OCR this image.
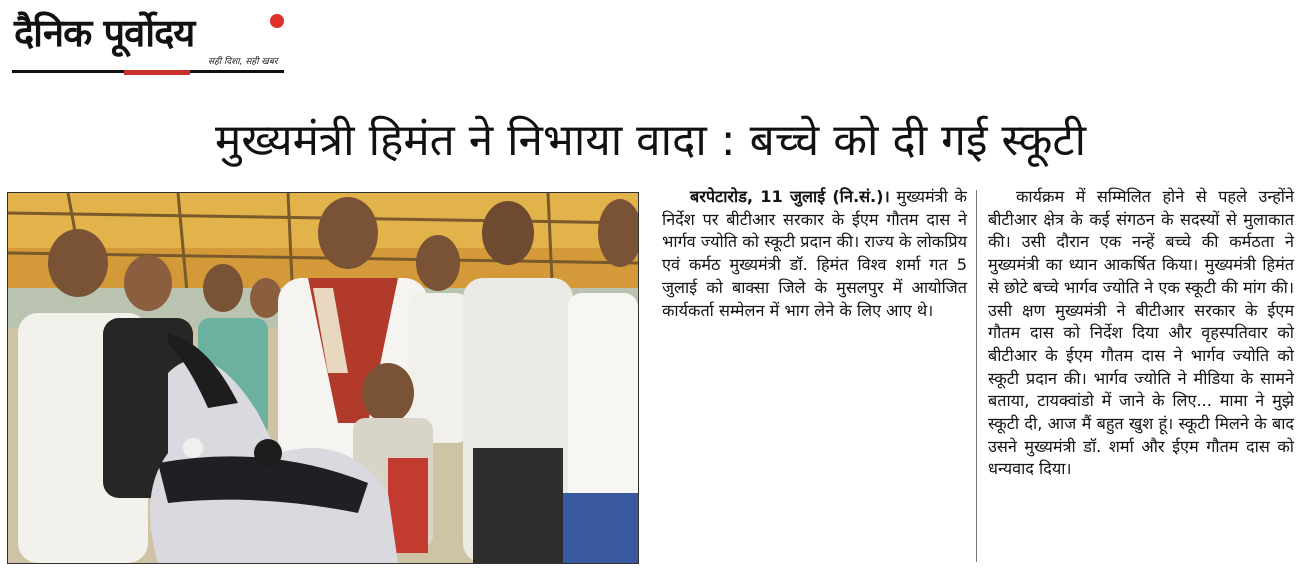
दैनिक पूर्वोदय
सही दिशा, सही खबर
मुख्यमंत्री हिमंत ने निभाया वादा : बच्चे को दी गई स्कूटी

बरपेटारोड, 11 जुलाई (नि.सं.)। मुख्यमंत्री के निर्देश पर बीटीआर सरकार के ईएम गौतम दास ने भार्गव ज्योति को स्कूटी प्रदान की। राज्य के लोकप्रिय एवं कर्मठ मुख्यमंत्री डॉ. हिमंत विश्व शर्मा गत 5 जुलाई को बाक्सा जिले के मुसलपुर में आयोजित कार्यकर्ता सम्मेलन में भाग लेने के लिए आए थे।

कार्यक्रम में सम्मिलित होने से पहले उन्होंने बीटीआर क्षेत्र के कई संगठन के सदस्यों से मुलाकात की। उसी दौरान एक नन्हें बच्चे की कर्मठता ने मुख्यमंत्री का ध्यान आकर्षित किया। मुख्यमंत्री हिमंत से छोटे बच्चे भार्गव ज्योति ने एक स्कूटी की मांग की। उसी क्षण मुख्यमंत्री ने बीटीआर सरकार के ईएम गौतम दास को निर्देश दिया और वृहस्पतिवार को बीटीआर के ईएम गौतम दास ने भार्गव ज्योति को स्कूटी प्रदान की। भार्गव ज्योति ने मीडिया के सामने बताया, टायक्वांडो में जाने के लिए... मामा ने मुझे स्कूटी दी, आज मैं बहुत खुश हूं। स्कूटी मिलने के बाद उसने मुख्यमंत्री डॉ. शर्मा और ईएम गौतम दास को धन्यवाद दिया।
